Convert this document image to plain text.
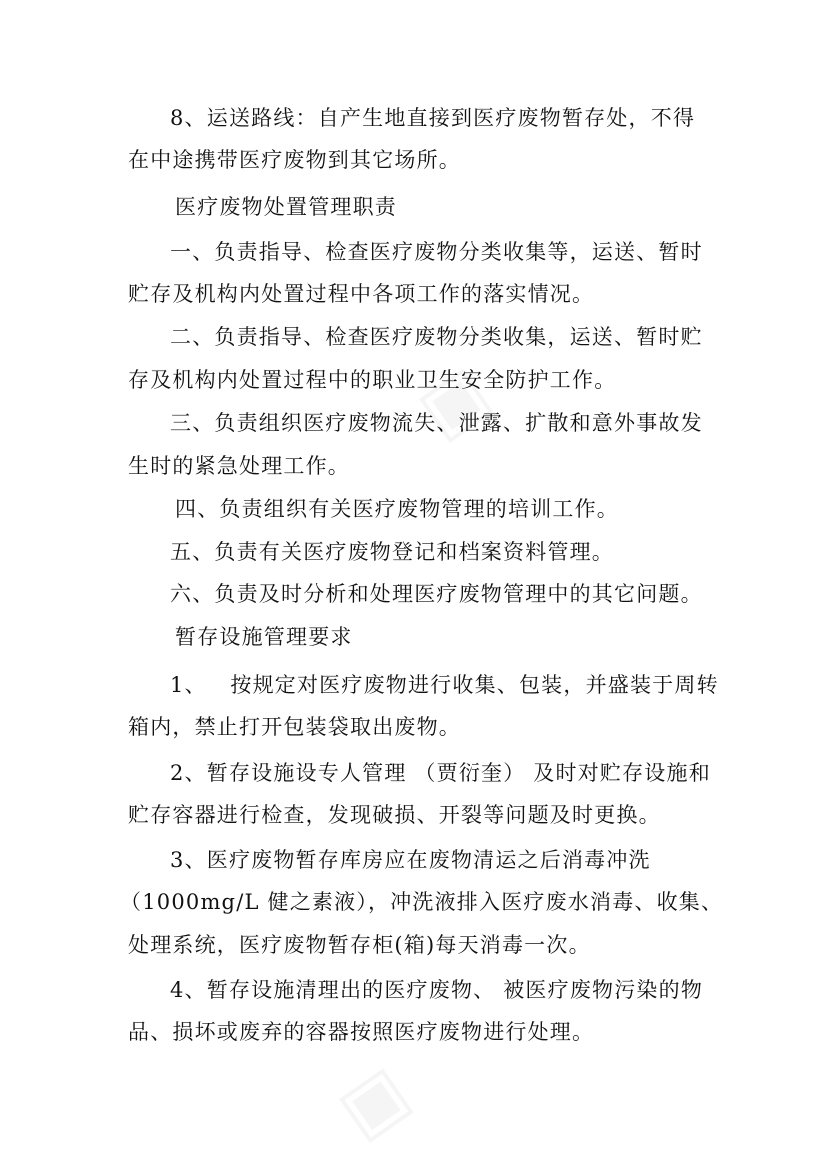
▣
▣
8、运送路线：自产生地直接到医疗废物暂存处，不得
在中途携带医疗废物到其它场所。
医疗废物处置管理职责
一、负责指导、检查医疗废物分类收集等，运送、暂时
贮存及机构内处置过程中各项工作的落实情况。
二、负责指导、检查医疗废物分类收集，运送、暂时贮
存及机构内处置过程中的职业卫生安全防护工作。
三、负责组织医疗废物流失、泄露、扩散和意外事故发
生时的紧急处理工作。
四、负责组织有关医疗废物管理的培训工作。
五、负责有关医疗废物登记和档案资料管理。
六、负责及时分析和处理医疗废物管理中的其它问题。
暂存设施管理要求
1、   按规定对医疗废物进行收集、包装，并盛装于周转
箱内，禁止打开包装袋取出废物。
2、暂存设施设专人管理 （贾衍奎） 及时对贮存设施和
贮存容器进行检查，发现破损、开裂等问题及时更换。
3、医疗废物暂存库房应在废物清运之后消毒冲洗
（1000mg/L 健之素液），冲洗液排入医疗废水消毒、收集、
处理系统，医疗废物暂存柜(箱)每天消毒一次。
4、暂存设施清理出的医疗废物、 被医疗废物污染的物
品、损坏或废弃的容器按照医疗废物进行处理。
